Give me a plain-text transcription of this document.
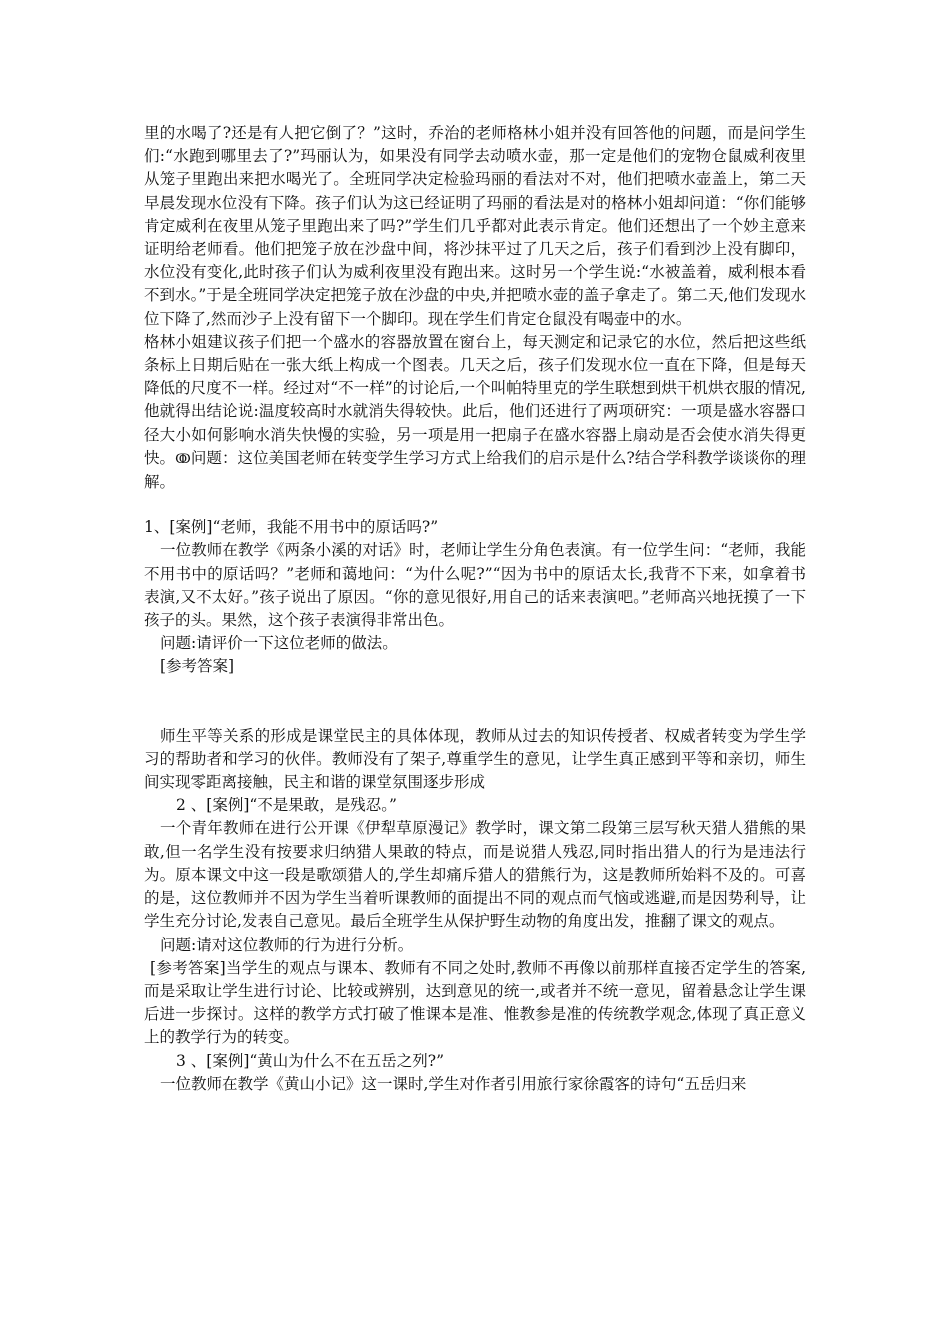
里的水喝了?还是有人把它倒了？”这时，乔治的老师格林小姐并没有回答他的问题，而是问学生们:“水跑到哪里去了?”玛丽认为，如果没有同学去动喷水壶，那一定是他们的宠物仓鼠威利夜里从笼子里跑出来把水喝光了。全班同学决定检验玛丽的看法对不对，他们把喷水壶盖上，第二天早晨发现水位没有下降。孩子们认为这已经证明了玛丽的看法是对的格林小姐却问道：“你们能够肯定威利在夜里从笼子里跑出来了吗?”学生们几乎都对此表示肯定。他们还想出了一个妙主意来证明给老师看。他们把笼子放在沙盘中间，将沙抹平过了几天之后，孩子们看到沙上没有脚印，水位没有变化,此时孩子们认为威利夜里没有跑出来。这时另一个学生说:“水被盖着，威利根本看不到水。”于是全班同学决定把笼子放在沙盘的中央,并把喷水壶的盖子拿走了。第二天,他们发现水位下降了,然而沙子上没有留下一个脚印。现在学生们肯定仓鼠没有喝壶中的水。

格林小姐建议孩子们把一个盛水的容器放置在窗台上，每天测定和记录它的水位，然后把这些纸条标上日期后贴在一张大纸上构成一个图表。几天之后，孩子们发现水位一直在下降，但是每天降低的尺度不一样。经过对“不一样”的讨论后,一个叫帕特里克的学生联想到烘干机烘衣服的情况,他就得出结论说:温度较高时水就消失得较快。此后，他们还进行了两项研究：一项是盛水容器口径大小如何影响水消失快慢的实验，另一项是用一把扇子在盛水容器上扇动是否会使水消失得更快。ↂ问题：这位美国老师在转变学生学习方式上给我们的启示是什么?结合学科教学谈谈你的理解。

1、[案例]“老师，我能不用书中的原话吗?”

一位教师在教学《两条小溪的对话》时，老师让学生分角色表演。有一位学生问：“老师，我能不用书中的原话吗？”老师和蔼地问：“为什么呢?”“因为书中的原话太长,我背不下来，如拿着书表演,又不太好。”孩子说出了原因。“你的意见很好,用自己的话来表演吧。”老师高兴地抚摸了一下孩子的头。果然，这个孩子表演得非常出色。

问题:请评价一下这位老师的做法。

[参考答案]

师生平等关系的形成是课堂民主的具体体现，教师从过去的知识传授者、权威者转变为学生学习的帮助者和学习的伙伴。教师没有了架子,尊重学生的意见，让学生真正感到平等和亲切，师生间实现零距离接触，民主和谐的课堂氛围逐步形成

2 、[案例]“不是果敢，是残忍。”

一个青年教师在进行公开课《伊犁草原漫记》教学时，课文第二段第三层写秋天猎人猎熊的果敢,但一名学生没有按要求归纳猎人果敢的特点，而是说猎人残忍,同时指出猎人的行为是违法行为。原本课文中这一段是歌颂猎人的,学生却痛斥猎人的猎熊行为，这是教师所始料不及的。可喜的是，这位教师并不因为学生当着听课教师的面提出不同的观点而气恼或逃避,而是因势利导，让学生充分讨论,发表自己意见。最后全班学生从保护野生动物的角度出发，推翻了课文的观点。

问题:请对这位教师的行为进行分析。

[参考答案]当学生的观点与课本、教师有不同之处时,教师不再像以前那样直接否定学生的答案,而是采取让学生进行讨论、比较或辨别，达到意见的统一,或者并不统一意见，留着悬念让学生课后进一步探讨。这样的教学方式打破了惟课本是准、惟教参是准的传统教学观念,体现了真正意义上的教学行为的转变。

3 、[案例]“黄山为什么不在五岳之列?”

一位教师在教学《黄山小记》这一课时,学生对作者引用旅行家徐霞客的诗句“五岳归来
